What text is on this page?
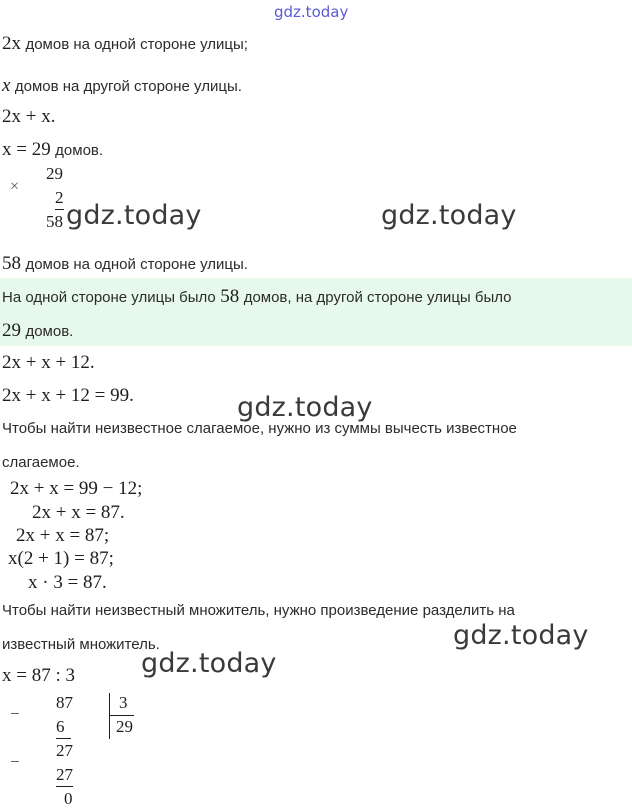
gdz.today
2x домов на одной стороне улицы;
x домов на другой стороне улицы.
2x + x.
x = 29 домов.
×
29
2
58 gdz.today	gdz.today
58 домов на одной стороне улицы.
На одной стороне улицы было 58 домов, на другой стороне улицы было
29 домов.
2x + x + 12.
2x + x + 12 = 99.	gdz.today
Чтобы найти неизвестное слагаемое, нужно из суммы вычесть известное
слагаемое.
2x + x = 99 − 12;
2x + x = 87.
2x + x = 87;
x(2 + 1) = 87;
x · 3 = 87.
Чтобы найти неизвестный множитель, нужно произведение разделить на
известный множитель.	gdz.today
gdz.today
x = 87 : 3
−
87
6
3
29
−
27
27
0
